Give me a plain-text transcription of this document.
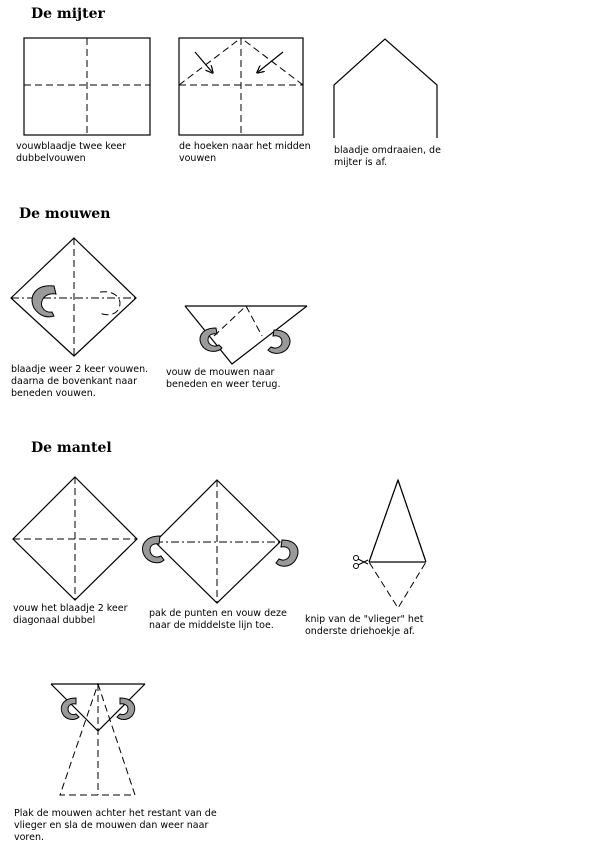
De mijter
De mouwen
De mantel
vouwblaadje twee keer
dubbelvouwen
de hoeken naar het midden
vouwen
blaadje omdraaien, de
mijter is af.
blaadje weer 2 keer vouwen.
daarna de bovenkant naar
beneden vouwen.
vouw de mouwen naar
beneden en weer terug.
vouw het blaadje 2 keer
diagonaal dubbel
pak de punten en vouw deze
naar de middelste lijn toe.
knip van de "vlieger" het
onderste driehoekje af.
Plak de mouwen achter het restant van de
vlieger en sla de mouwen dan weer naar
voren.
